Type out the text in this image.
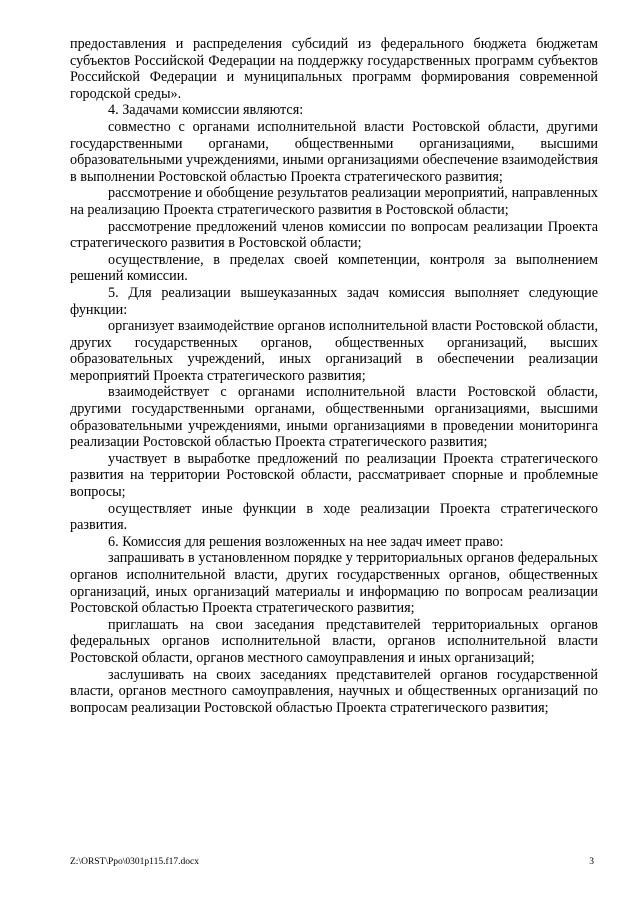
предоставления и распределения субсидий из федерального бюджета бюджетам субъектов Российской Федерации на поддержку государственных программ субъектов Российской Федерации и муниципальных программ формирования современной городской среды».

4. Задачами комиссии являются:

совместно с органами исполнительной власти Ростовской области, другими государственными органами, общественными организациями, высшими образовательными учреждениями, иными организациями обеспечение взаимодействия в выполнении Ростовской областью Проекта стратегического развития;

рассмотрение и обобщение результатов реализации мероприятий, направленных на реализацию Проекта стратегического развития в Ростовской области;

рассмотрение предложений членов комиссии по вопросам реализации Проекта стратегического развития в Ростовской области;

осуществление, в пределах своей компетенции, контроля за выполнением решений комиссии.

5. Для реализации вышеуказанных задач комиссия выполняет следующие функции:

организует взаимодействие органов исполнительной власти Ростовской области, других государственных органов, общественных организаций, высших образовательных учреждений, иных организаций в обеспечении реализации мероприятий Проекта стратегического развития;

взаимодействует с органами исполнительной власти Ростовской области, другими государственными органами, общественными организациями, высшими образовательными учреждениями, иными организациями в проведении мониторинга реализации Ростовской областью Проекта стратегического развития;

участвует в выработке предложений по реализации Проекта стратегического развития на территории Ростовской области, рассматривает спорные и проблемные вопросы;

осуществляет иные функции в ходе реализации Проекта стратегического развития.

6. Комиссия для решения возложенных на нее задач имеет право:

запрашивать в установленном порядке у территориальных органов федеральных органов исполнительной власти, других государственных органов, общественных организаций, иных организаций материалы и информацию по вопросам реализации Ростовской областью Проекта стратегического развития;

приглашать на свои заседания представителей территориальных органов федеральных органов исполнительной власти, органов исполнительной власти Ростовской области, органов местного самоуправления и иных организаций;

заслушивать на своих заседаниях представителей органов государственной власти, органов местного самоуправления, научных и общественных организаций по вопросам реализации Ростовской областью Проекта стратегического развития;

Z:\ORST\Ppo\0301p115.f17.docx	3
